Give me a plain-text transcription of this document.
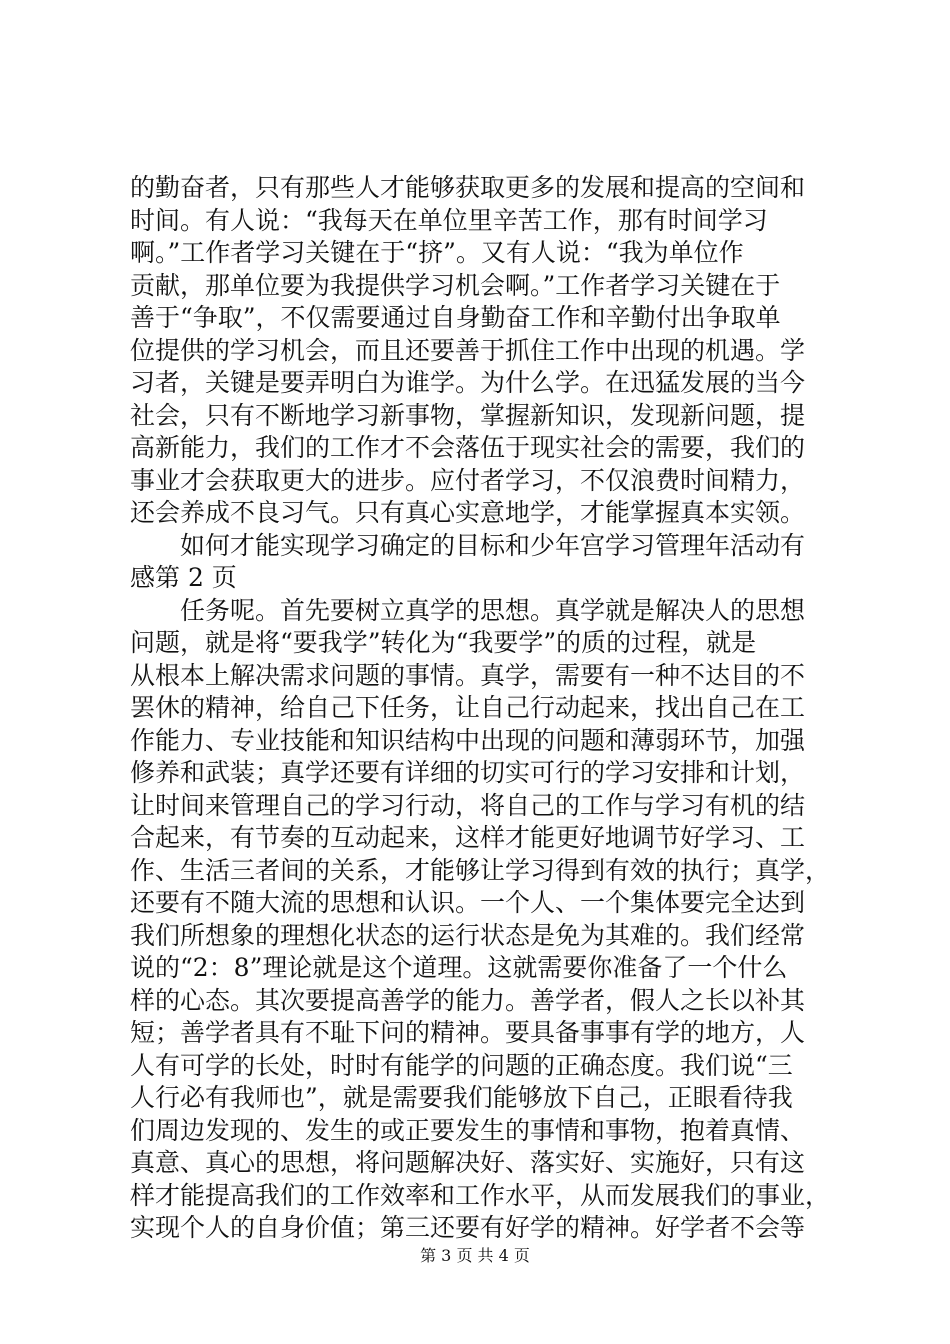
的勤奋者，只有那些人才能够获取更多的发展和提高的空间和
时间。有人说：“我每天在单位里辛苦工作，那有时间学习
啊。”工作者学习关键在于“挤”。又有人说：“我为单位作
贡献，那单位要为我提供学习机会啊。”工作者学习关键在于
善于“争取”，不仅需要通过自身勤奋工作和辛勤付出争取单
位提供的学习机会，而且还要善于抓住工作中出现的机遇。学
习者，关键是要弄明白为谁学。为什么学。在迅猛发展的当今
社会，只有不断地学习新事物，掌握新知识，发现新问题，提
高新能力，我们的工作才不会落伍于现实社会的需要，我们的
事业才会获取更大的进步。应付者学习，不仅浪费时间精力，
还会养成不良习气。只有真心实意地学，才能掌握真本实领。
如何才能实现学习确定的目标和少年宫学习管理年活动有
感第 2 页
任务呢。首先要树立真学的思想。真学就是解决人的思想
问题，就是将“要我学”转化为“我要学”的质的过程，就是
从根本上解决需求问题的事情。真学，需要有一种不达目的不
罢休的精神，给自己下任务，让自己行动起来，找出自己在工
作能力、专业技能和知识结构中出现的问题和薄弱环节，加强
修养和武装；真学还要有详细的切实可行的学习安排和计划，
让时间来管理自己的学习行动，将自己的工作与学习有机的结
合起来，有节奏的互动起来，这样才能更好地调节好学习、工
作、生活三者间的关系，才能够让学习得到有效的执行；真学，
还要有不随大流的思想和认识。一个人、一个集体要完全达到
我们所想象的理想化状态的运行状态是免为其难的。我们经常
说的“2：8”理论就是这个道理。这就需要你准备了一个什么
样的心态。其次要提高善学的能力。善学者，假人之长以补其
短；善学者具有不耻下问的精神。要具备事事有学的地方，人
人有可学的长处，时时有能学的问题的正确态度。我们说“三
人行必有我师也”，就是需要我们能够放下自己，正眼看待我
们周边发现的、发生的或正要发生的事情和事物，抱着真情、
真意、真心的思想，将问题解决好、落实好、实施好，只有这
样才能提高我们的工作效率和工作水平，从而发展我们的事业，
实现个人的自身价值；第三还要有好学的精神。好学者不会等
第 3 页 共 4 页
